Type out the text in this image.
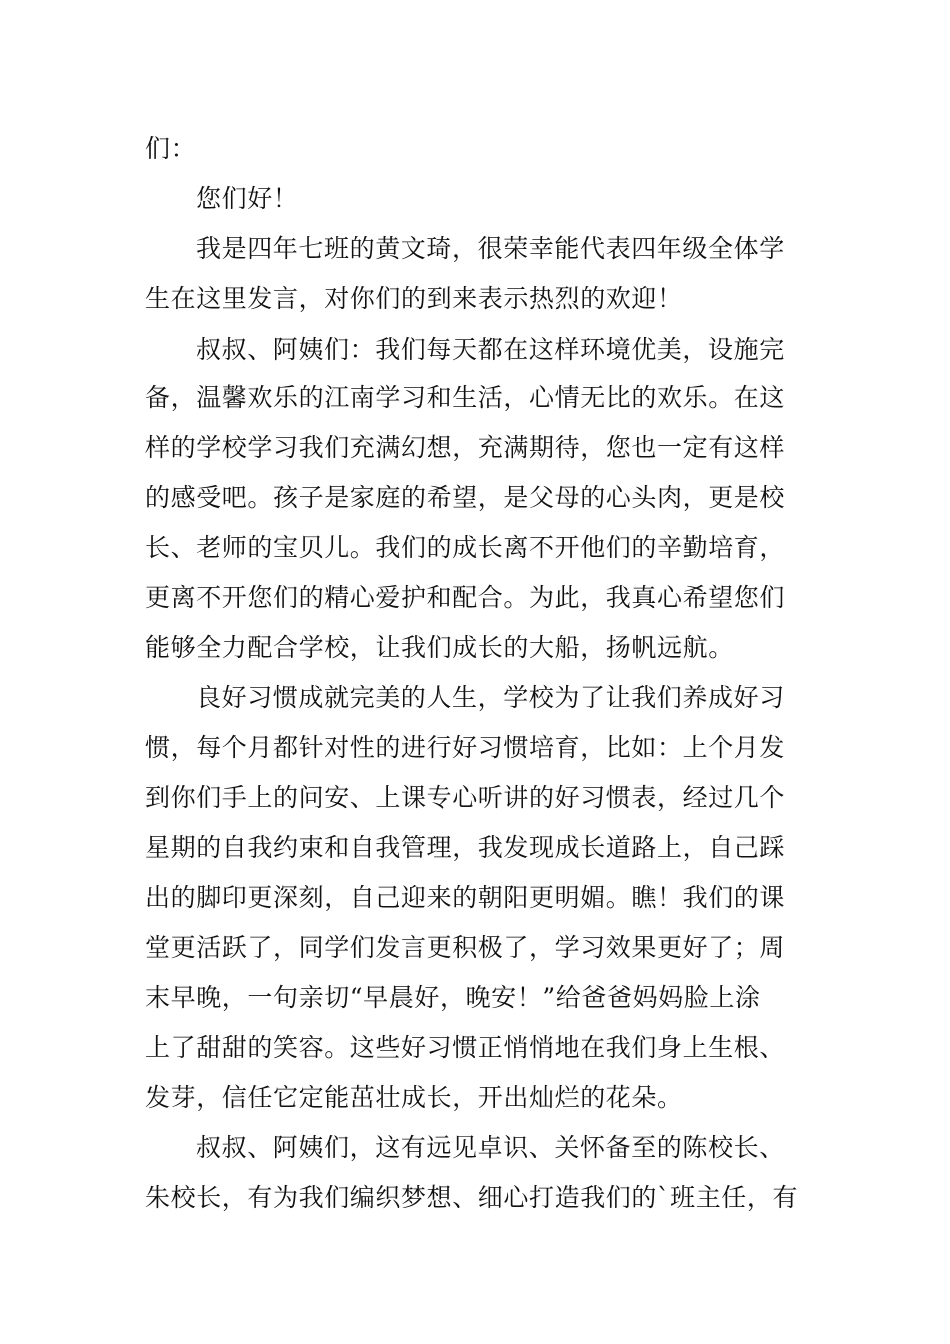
们：
您们好！
我是四年七班的黄文琦，很荣幸能代表四年级全体学
生在这里发言，对你们的到来表示热烈的欢迎！
叔叔、阿姨们：我们每天都在这样环境优美，设施完
备，温馨欢乐的江南学习和生活，心情无比的欢乐。在这
样的学校学习我们充满幻想，充满期待，您也一定有这样
的感受吧。孩子是家庭的希望，是父母的心头肉，更是校
长、老师的宝贝儿。我们的成长离不开他们的辛勤培育，
更离不开您们的精心爱护和配合。为此，我真心希望您们
能够全力配合学校，让我们成长的大船，扬帆远航。
良好习惯成就完美的人生，学校为了让我们养成好习
惯，每个月都针对性的进行好习惯培育，比如：上个月发
到你们手上的问安、上课专心听讲的好习惯表，经过几个
星期的自我约束和自我管理，我发现成长道路上，自己踩
出的脚印更深刻，自己迎来的朝阳更明媚。瞧！我们的课
堂更活跃了，同学们发言更积极了，学习效果更好了；周
末早晚，一句亲切“早晨好，晚安！”给爸爸妈妈脸上涂
上了甜甜的笑容。这些好习惯正悄悄地在我们身上生根、
发芽，信任它定能茁壮成长，开出灿烂的花朵。
叔叔、阿姨们，这有远见卓识、关怀备至的陈校长、
朱校长，有为我们编织梦想、细心打造我们的`班主任，有
